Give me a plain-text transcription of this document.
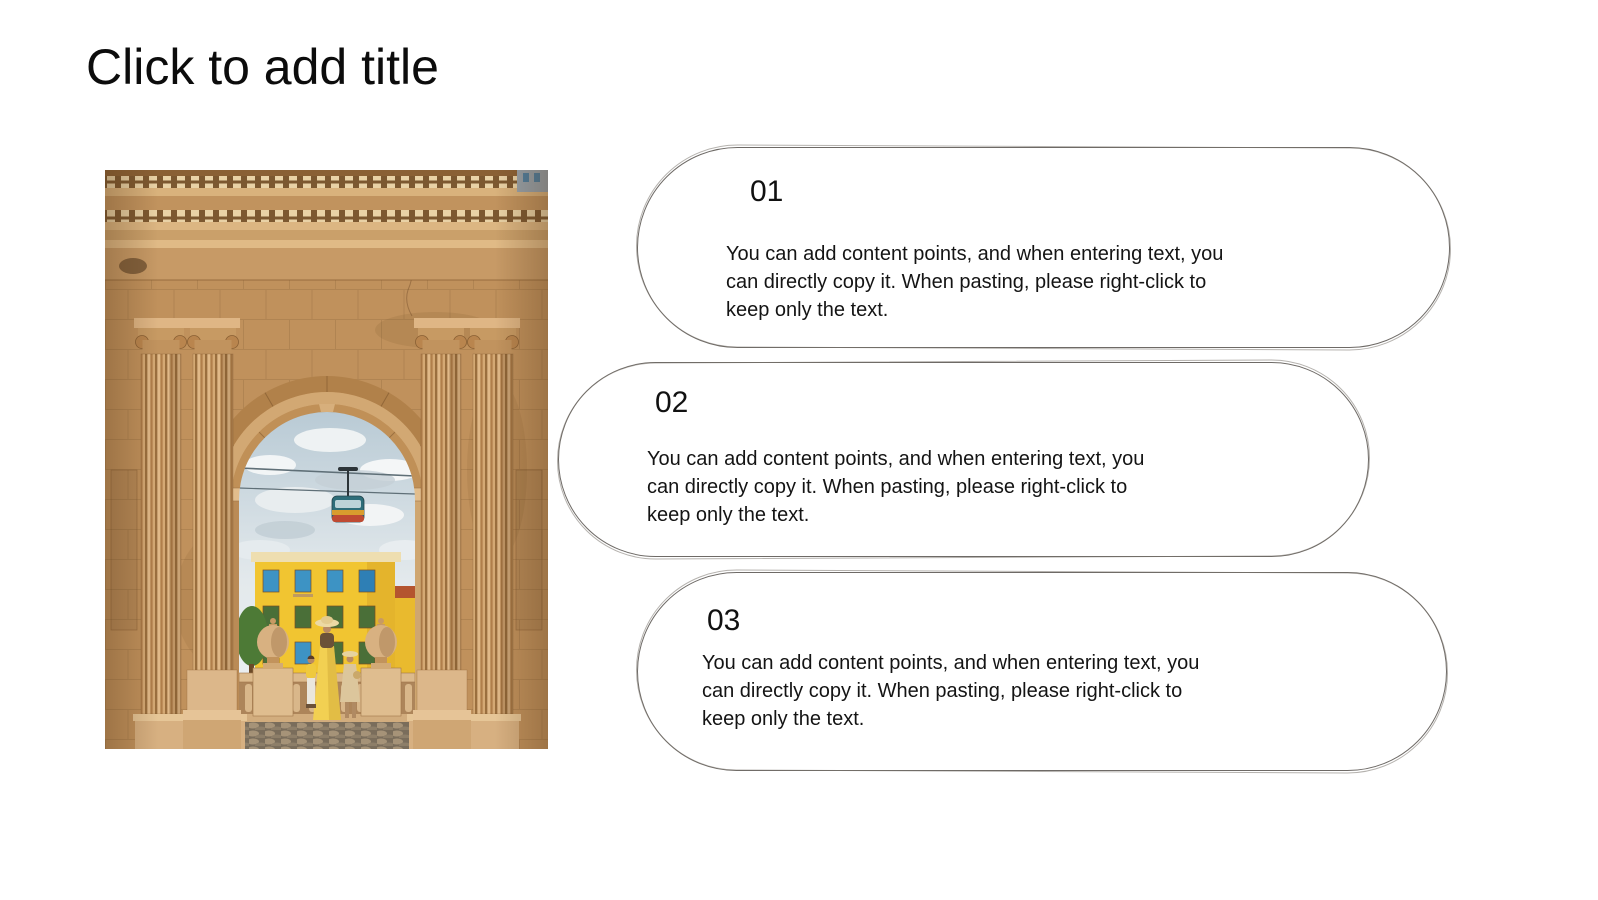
Click to add title
01
You can add content points, and when entering text, you
can directly copy it. When pasting, please right-click to
keep only the text.
02
You can add content points, and when entering text, you
can directly copy it. When pasting, please right-click to
keep only the text.
03
You can add content points, and when entering text, you
can directly copy it. When pasting, please right-click to
keep only the text.
